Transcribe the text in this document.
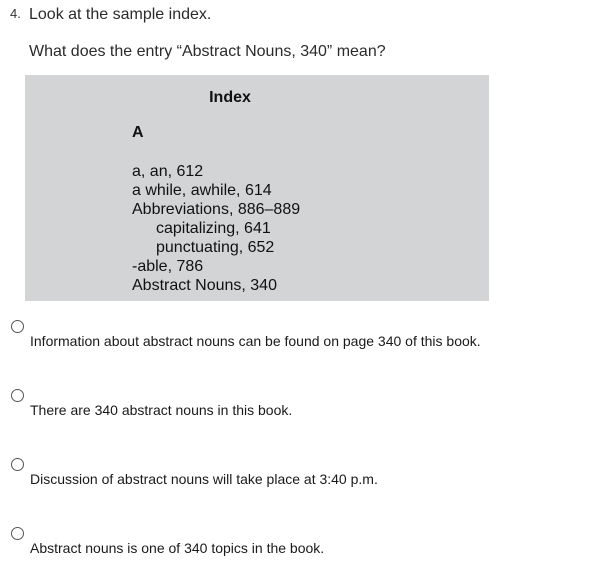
4. Look at the sample index.
What does the entry “Abstract Nouns, 340” mean?
Index
A
a, an, 612
a while, awhile, 614
Abbreviations, 886–889
capitalizing, 641
punctuating, 652
-able, 786
Abstract Nouns, 340
Information about abstract nouns can be found on page 340 of this book.
There are 340 abstract nouns in this book.
Discussion of abstract nouns will take place at 3:40 p.m.
Abstract nouns is one of 340 topics in the book.
